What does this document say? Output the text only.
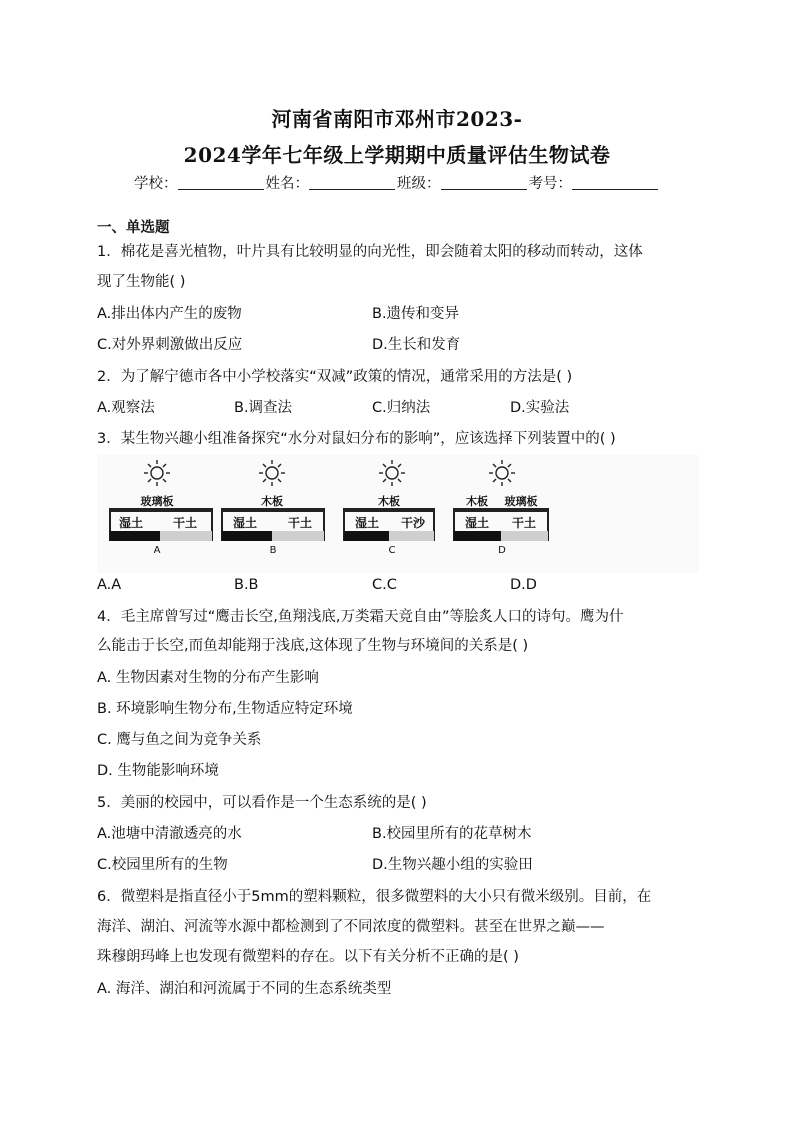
河南省南阳市邓州市2023-
2024学年七年级上学期期中质量评估生物试卷
学校：	姓名：	班级：	考号：
一、单选题
1．棉花是喜光植物，叶片具有比较明显的向光性，即会随着太阳的移动而转动，这体
现了生物能( )
A.排出体内产生的废物	B.遗传和变异
C.对外界刺激做出反应	D.生长和发育
2．为了解宁德市各中小学校落实“双减”政策的情况，通常采用的方法是( )
A.观察法	B.调查法	C.归纳法	D.实验法
3．某生物兴趣小组准备探究“水分对鼠妇分布的影响”，应该选择下列装置中的( )
玻璃板
湿土 干土
A
木板
湿土	干土
B
木板
湿土 干沙
C
木板 玻璃板
湿土 干土
D
A.A	B.B	C.C	D.D
4．毛主席曾写过“鹰击长空,鱼翔浅底,万类霜天竞自由”等脍炙人口的诗句。鹰为什
么能击于长空,而鱼却能翔于浅底,这体现了生物与环境间的关系是( )
A. 生物因素对生物的分布产生影响
B. 环境影响生物分布,生物适应特定环境
C. 鹰与鱼之间为竞争关系
D. 生物能影响环境
5．美丽的校园中，可以看作是一个生态系统的是( )
A.池塘中清澈透亮的水	B.校园里所有的花草树木
C.校园里所有的生物	D.生物兴趣小组的实验田
6．微塑料是指直径小于5mm的塑料颗粒，很多微塑料的大小只有微米级别。目前，在
海洋、湖泊、河流等水源中都检测到了不同浓度的微塑料。甚至在世界之巅——
珠穆朗玛峰上也发现有微塑料的存在。以下有关分析不正确的是( )
A. 海洋、湖泊和河流属于不同的生态系统类型
